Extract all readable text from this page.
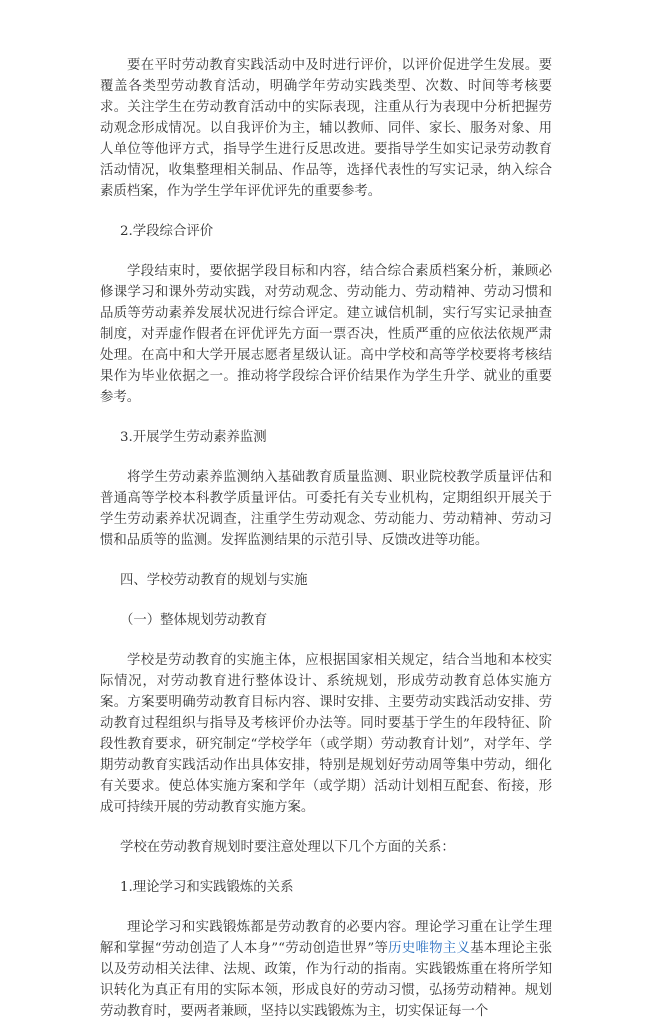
要在平时劳动教育实践活动中及时进行评价，以评价促进学生发展。要覆盖各类型劳动教育活动，明确学年劳动实践类型、次数、时间等考核要求。关注学生在劳动教育活动中的实际表现，注重从行为表现中分析把握劳动观念形成情况。以自我评价为主，辅以教师、同伴、家长、服务对象、用人单位等他评方式，指导学生进行反思改进。要指导学生如实记录劳动教育活动情况，收集整理相关制品、作品等，选择代表性的写实记录，纳入综合素质档案，作为学生学年评优评先的重要参考。

2.学段综合评价

学段结束时，要依据学段目标和内容，结合综合素质档案分析，兼顾必修课学习和课外劳动实践，对劳动观念、劳动能力、劳动精神、劳动习惯和品质等劳动素养发展状况进行综合评定。建立诚信机制，实行写实记录抽查制度，对弄虚作假者在评优评先方面一票否决，性质严重的应依法依规严肃处理。在高中和大学开展志愿者星级认证。高中学校和高等学校要将考核结果作为毕业依据之一。推动将学段综合评价结果作为学生升学、就业的重要参考。

3.开展学生劳动素养监测

将学生劳动素养监测纳入基础教育质量监测、职业院校教学质量评估和普通高等学校本科教学质量评估。可委托有关专业机构，定期组织开展关于学生劳动素养状况调查，注重学生劳动观念、劳动能力、劳动精神、劳动习惯和品质等的监测。发挥监测结果的示范引导、反馈改进等功能。

四、学校劳动教育的规划与实施

（一）整体规划劳动教育

学校是劳动教育的实施主体，应根据国家相关规定，结合当地和本校实际情况，对劳动教育进行整体设计、系统规划，形成劳动教育总体实施方案。方案要明确劳动教育目标内容、课时安排、主要劳动实践活动安排、劳动教育过程组织与指导及考核评价办法等。同时要基于学生的年段特征、阶段性教育要求，研究制定“学校学年（或学期）劳动教育计划”，对学年、学期劳动教育实践活动作出具体安排，特别是规划好劳动周等集中劳动，细化有关要求。使总体实施方案和学年（或学期）活动计划相互配套、衔接，形成可持续开展的劳动教育实施方案。

学校在劳动教育规划时要注意处理以下几个方面的关系：

1.理论学习和实践锻炼的关系

理论学习和实践锻炼都是劳动教育的必要内容。理论学习重在让学生理解和掌握“劳动创造了人本身”“劳动创造世界”等历史唯物主义基本理论主张以及劳动相关法律、法规、政策，作为行动的指南。实践锻炼重在将所学知识转化为真正有用的实际本领，形成良好的劳动习惯，弘扬劳动精神。规划劳动教育时，要两者兼顾，坚持以实践锻炼为主，切实保证每一个
